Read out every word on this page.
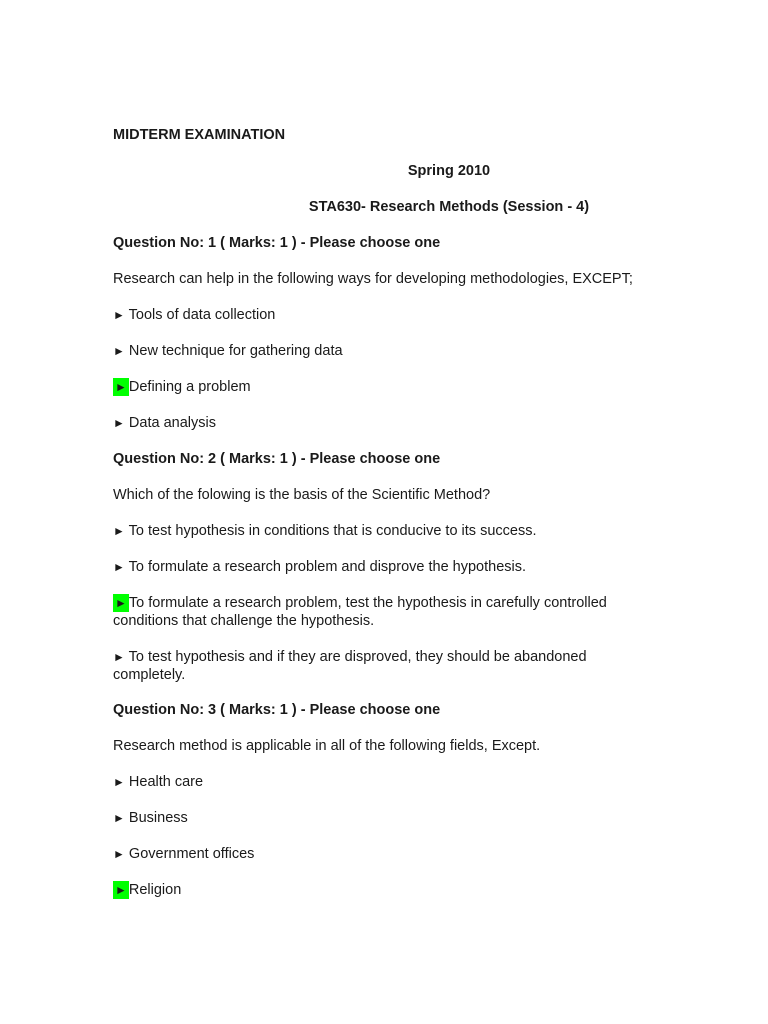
MIDTERM EXAMINATION
Spring 2010
STA630- Research Methods (Session - 4)
Question No: 1 ( Marks: 1 ) - Please choose one
Research can help in the following ways for developing methodologies, EXCEPT;
► Tools of data collection
► New technique for gathering data
► Defining a problem
► Data analysis
Question No: 2 ( Marks: 1 ) - Please choose one
Which of the folowing is the basis of the Scientific Method?
► To test hypothesis in conditions that is conducive to its success.
► To formulate a research problem and disprove the hypothesis.
► To formulate a research problem, test the hypothesis in carefully controlled conditions that challenge the hypothesis.
► To test hypothesis and if they are disproved, they should be abandoned completely.
Question No: 3 ( Marks: 1 ) - Please choose one
Research method is applicable in all of the following fields, Except.
► Health care
► Business
► Government offices
► Religion
